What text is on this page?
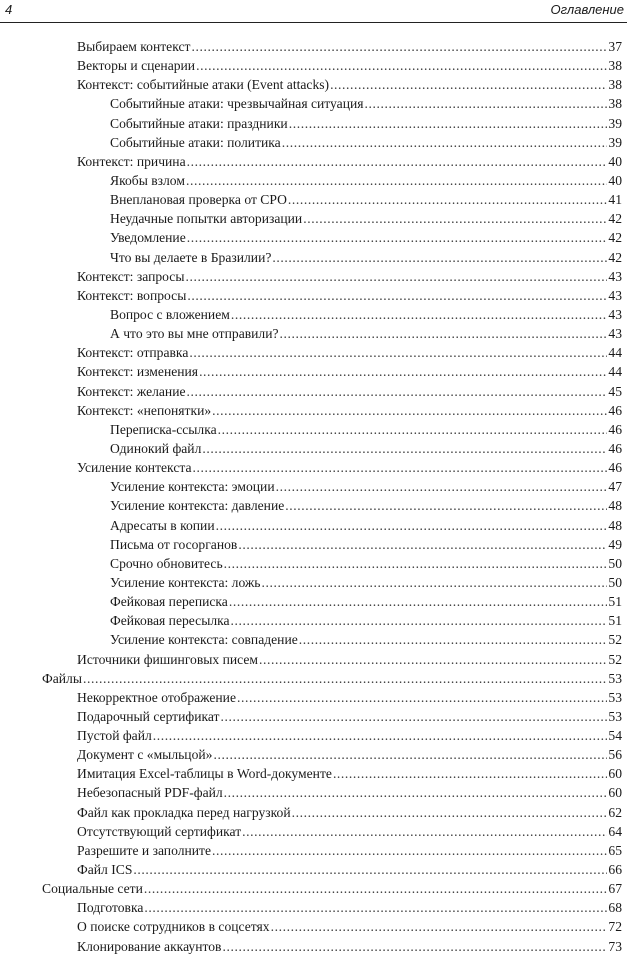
4	Оглавление
Выбираем контекст .....	37
Векторы и сценарии .....	38
Контекст: событийные атаки (Event attacks) .....	38
Событийные атаки: чрезвычайная ситуация .....	38
Событийные атаки: праздники .....	39
Событийные атаки: политика .....	39
Контекст: причина .....	40
Якобы взлом .....	40
Внеплановая проверка от СРО .....	41
Неудачные попытки авторизации .....	42
Уведомление .....	42
Что вы делаете в Бразилии? .....	42
Контекст: запросы .....	43
Контекст: вопросы .....	43
Вопрос с вложением .....	43
А что это вы мне отправили? .....	43
Контекст: отправка .....	44
Контекст: изменения .....	44
Контекст: желание .....	45
Контекст: «непонятки» .....	46
Переписка-ссылка .....	46
Одинокий файл .....	46
Усиление контекста .....	46
Усиление контекста: эмоции .....	47
Усиление контекста: давление .....	48
Адресаты в копии .....	48
Письма от госорганов .....	49
Срочно обновитесь .....	50
Усиление контекста: ложь .....	50
Фейковая переписка .....	51
Фейковая пересылка .....	51
Усиление контекста: совпадение .....	52
Источники фишинговых писем .....	52
Файлы .....	53
Некорректное отображение .....	53
Подарочный сертификат .....	53
Пустой файл .....	54
Документ с «мыльцой» .....	56
Имитация Excel-таблицы в Word-документе .....	60
Небезопасный PDF-файл .....	60
Файл как прокладка перед нагрузкой .....	62
Отсутствующий сертификат .....	64
Разрешите и заполните .....	65
Файл ICS .....	66
Социальные сети .....	67
Подготовка .....	68
О поиске сотрудников в соцсетях .....	72
Клонирование аккаунтов .....	73
